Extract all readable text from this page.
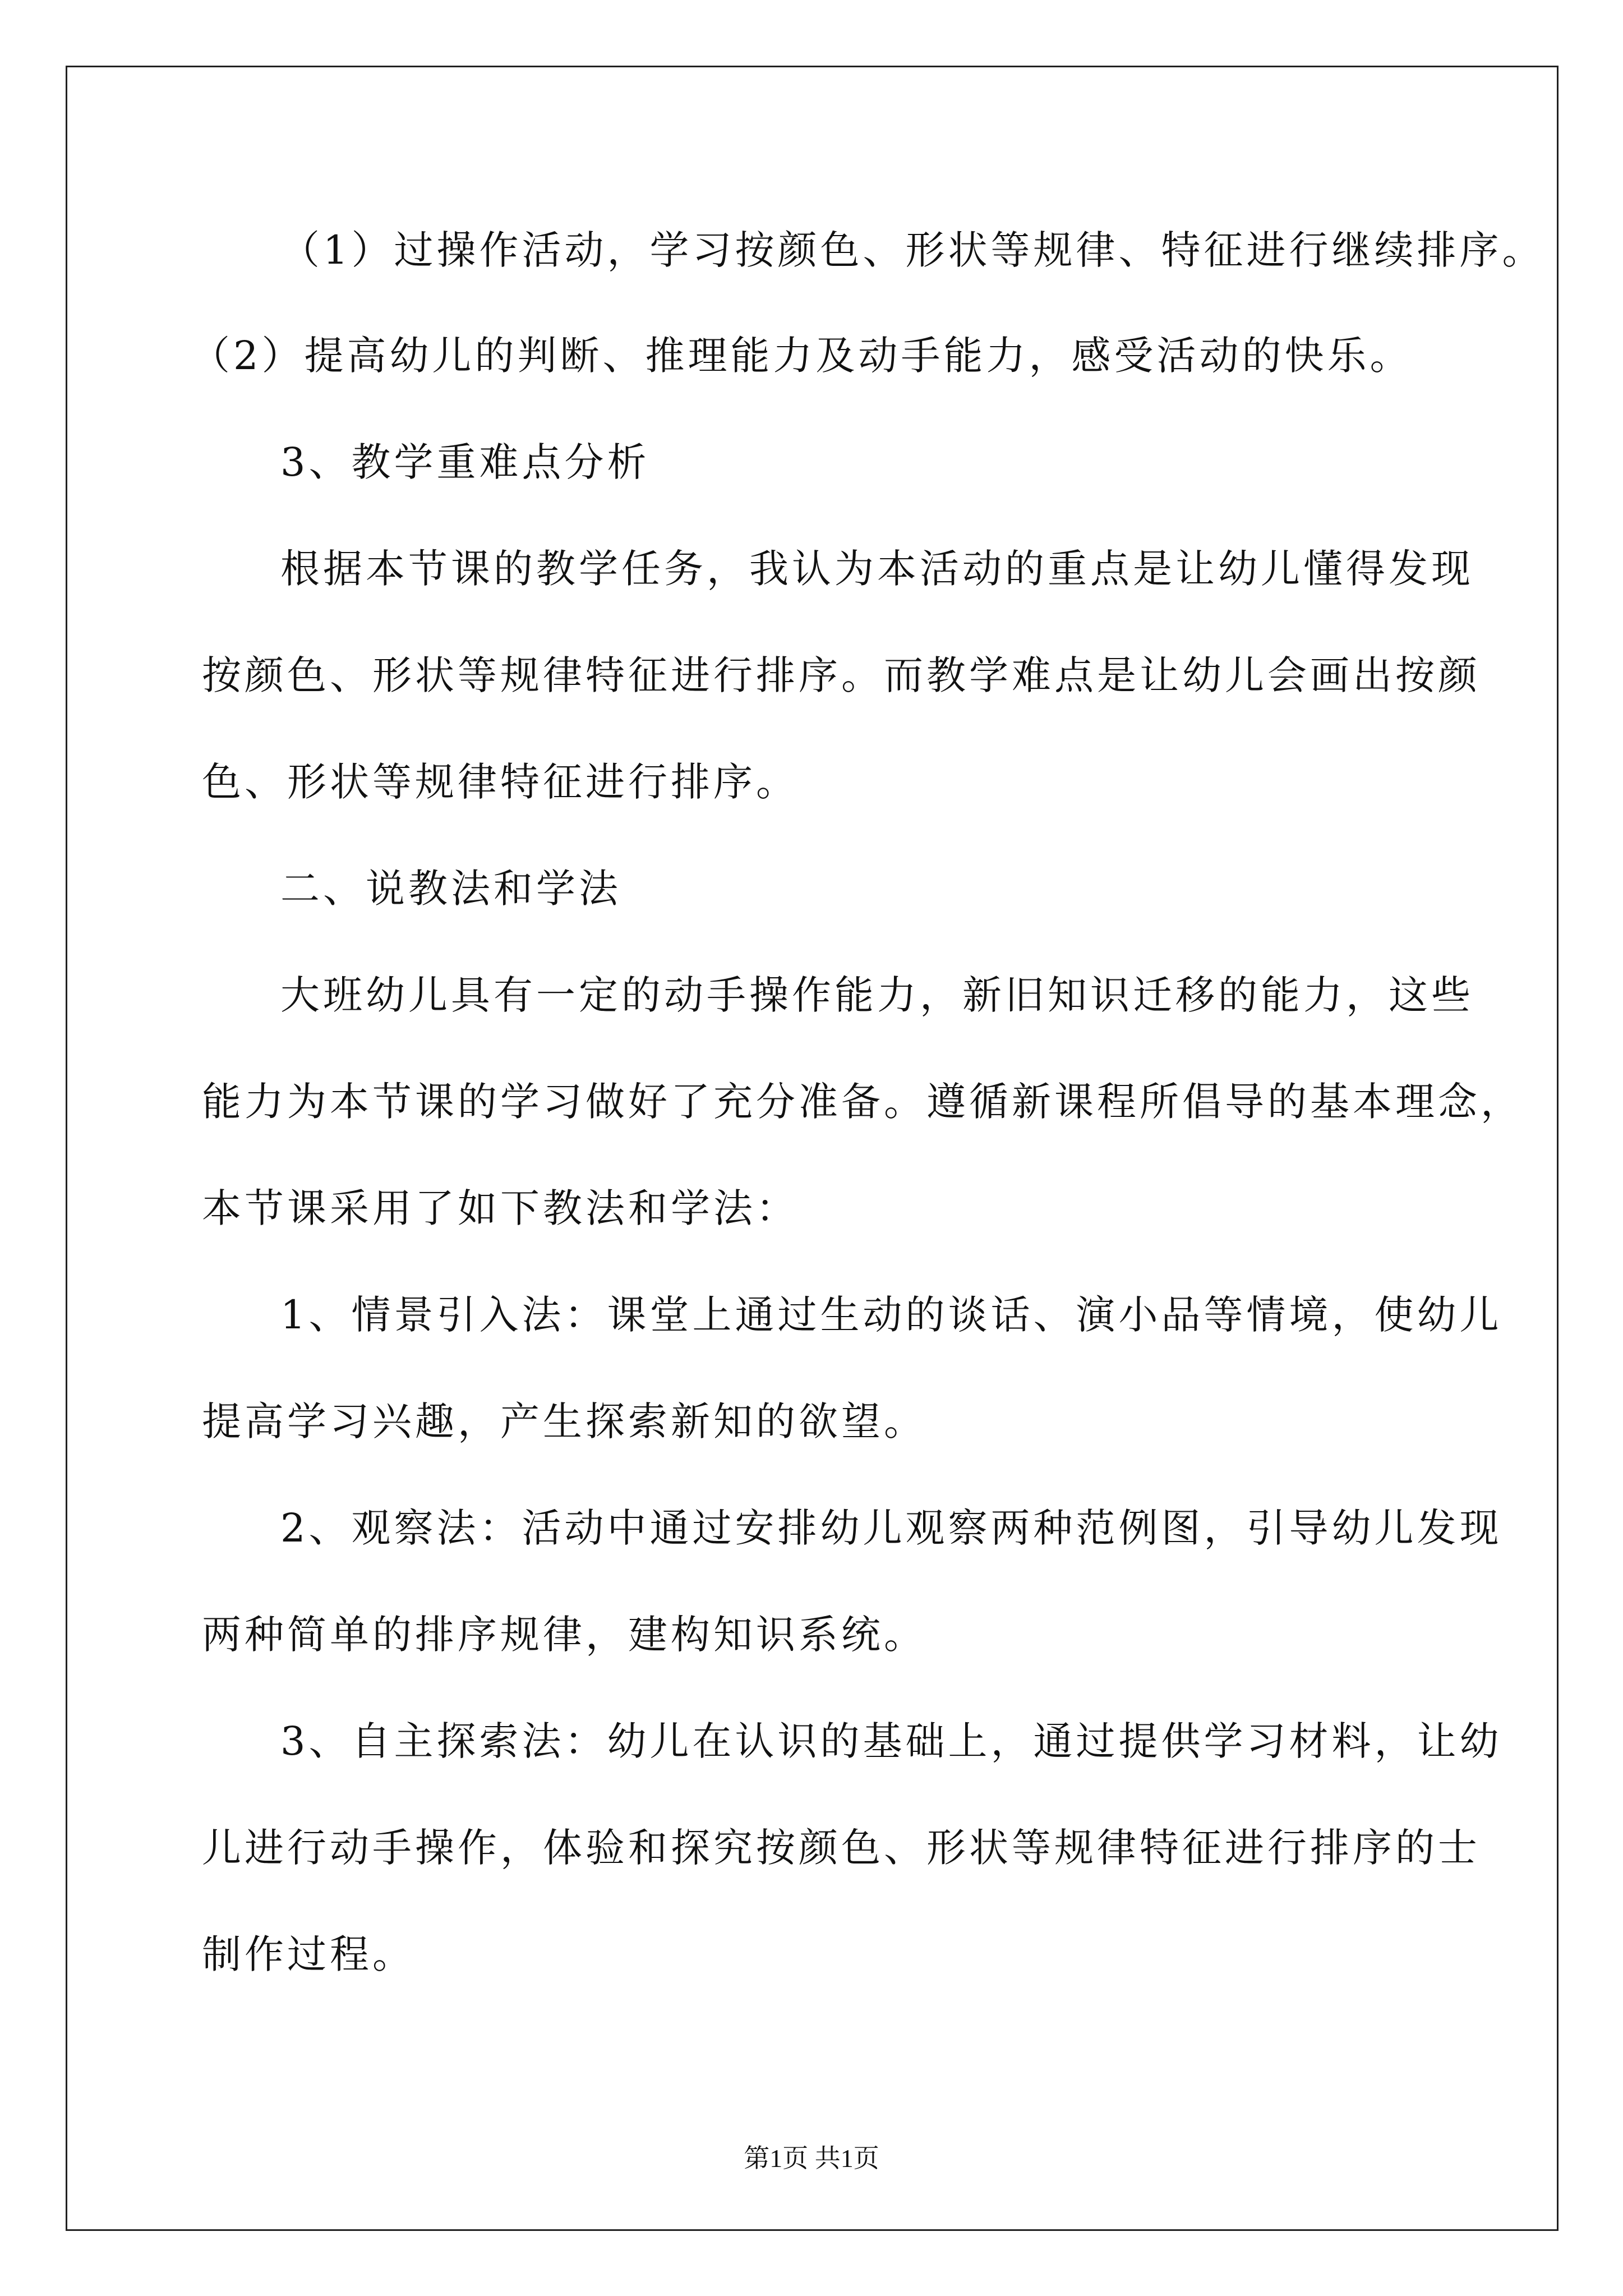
（1）过操作活动，学习按颜色、形状等规律、特征进行继续排序。
（2）提高幼儿的判断、推理能力及动手能力，感受活动的快乐。
3、教学重难点分析
根据本节课的教学任务，我认为本活动的重点是让幼儿懂得发现
按颜色、形状等规律特征进行排序。而教学难点是让幼儿会画出按颜
色、形状等规律特征进行排序。
二、说教法和学法
大班幼儿具有一定的动手操作能力，新旧知识迁移的能力，这些
能力为本节课的学习做好了充分准备。遵循新课程所倡导的基本理念，
本节课采用了如下教法和学法：
1、情景引入法：课堂上通过生动的谈话、演小品等情境，使幼儿
提高学习兴趣，产生探索新知的欲望。
2、观察法：活动中通过安排幼儿观察两种范例图，引导幼儿发现
两种简单的排序规律，建构知识系统。
3、自主探索法：幼儿在认识的基础上，通过提供学习材料，让幼
儿进行动手操作，体验和探究按颜色、形状等规律特征进行排序的士
制作过程。
第1页 共1页
